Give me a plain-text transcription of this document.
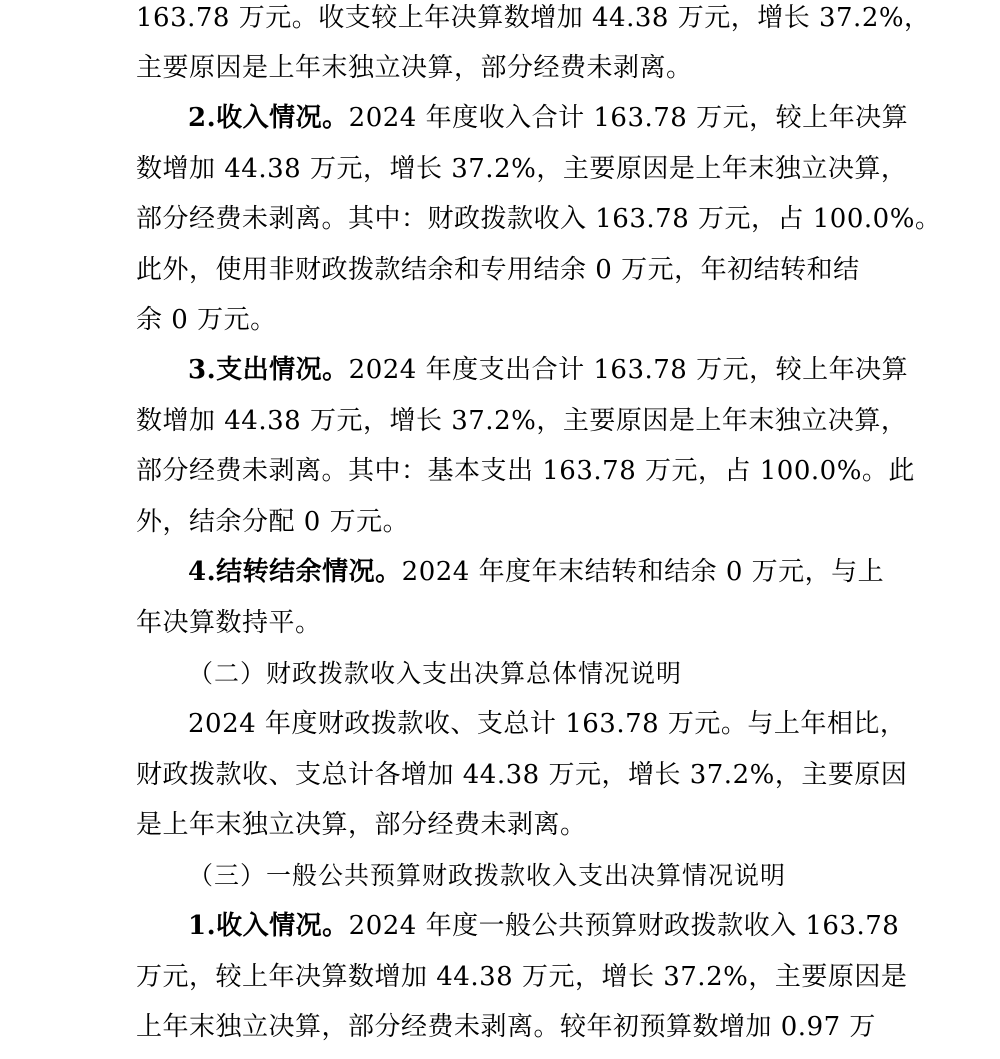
163.78 万元。收支较上年决算数增加 44.38 万元，增长 37.2%，
主要原因是上年末独立决算，部分经费未剥离。
2.收入情况。2024 年度收入合计 163.78 万元，较上年决算
数增加 44.38 万元，增长 37.2%，主要原因是上年末独立决算，
部分经费未剥离。其中：财政拨款收入 163.78 万元，占 100.0%。
此外，使用非财政拨款结余和专用结余 0 万元，年初结转和结
余 0 万元。
3.支出情况。2024 年度支出合计 163.78 万元，较上年决算
数增加 44.38 万元，增长 37.2%，主要原因是上年末独立决算，
部分经费未剥离。其中：基本支出 163.78 万元，占 100.0%。此
外，结余分配 0 万元。
4.结转结余情况。2024 年度年末结转和结余 0 万元，与上
年决算数持平。
（二）财政拨款收入支出决算总体情况说明
2024 年度财政拨款收、支总计 163.78 万元。与上年相比，
财政拨款收、支总计各增加 44.38 万元，增长 37.2%，主要原因
是上年末独立决算，部分经费未剥离。
（三）一般公共预算财政拨款收入支出决算情况说明
1.收入情况。2024 年度一般公共预算财政拨款收入 163.78
万元，较上年决算数增加 44.38 万元，增长 37.2%，主要原因是
上年末独立决算，部分经费未剥离。较年初预算数增加 0.97 万
